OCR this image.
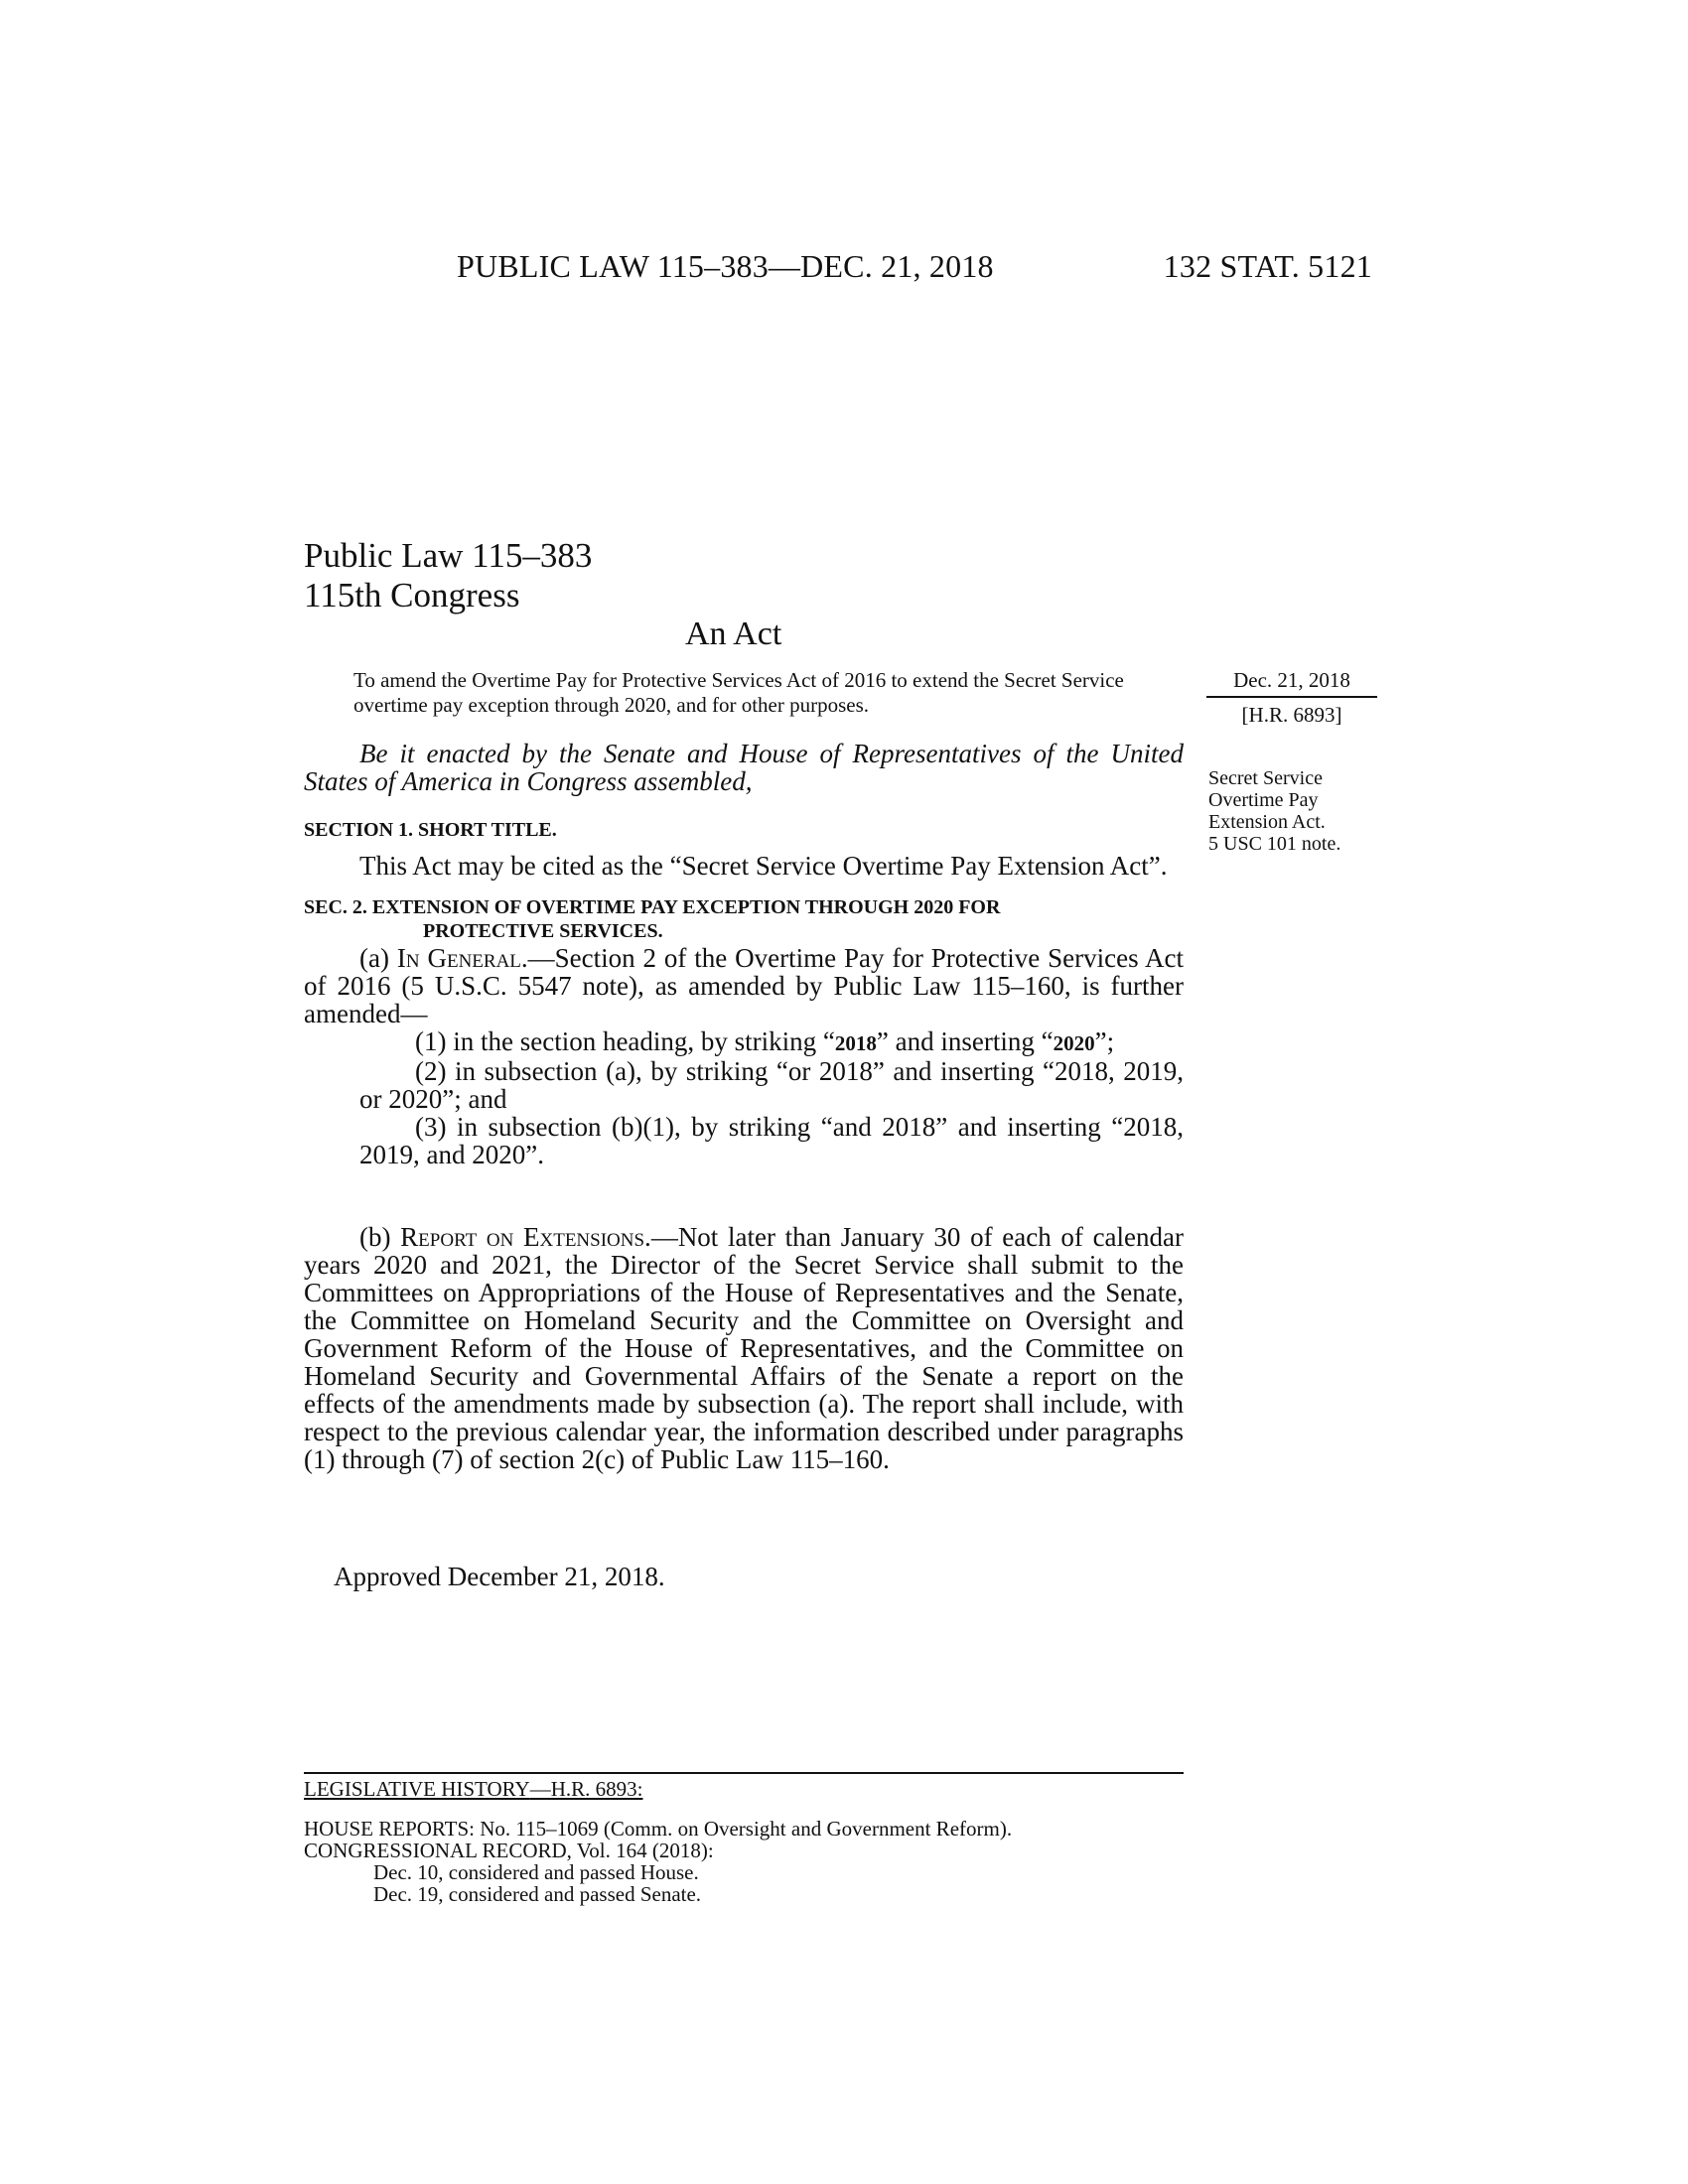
PUBLIC LAW 115–383—DEC. 21, 2018	132 STAT. 5121
Public Law 115–383
115th Congress
An Act
To amend the Overtime Pay for Protective Services Act of 2016 to extend the Secret Service overtime pay exception through 2020, and for other purposes.
Dec. 21, 2018
[H.R. 6893]
Secret Service
Overtime Pay
Extension Act.
5 USC 101 note.
Be it enacted by the Senate and House of Representatives of the United States of America in Congress assembled,
SECTION 1. SHORT TITLE.
This Act may be cited as the “Secret Service Overtime Pay Extension Act”.
SEC. 2. EXTENSION OF OVERTIME PAY EXCEPTION THROUGH 2020 FOR
PROTECTIVE SERVICES.
(a) In General.—Section 2 of the Overtime Pay for Protective Services Act of 2016 (5 U.S.C. 5547 note), as amended by Public Law 115–160, is further amended—
(1) in the section heading, by striking “2018” and inserting “2020”;
(2) in subsection (a), by striking “or 2018” and inserting “2018, 2019, or 2020”; and
(3) in subsection (b)(1), by striking “and 2018” and inserting “2018, 2019, and 2020”.
(b) Report on Extensions.—Not later than January 30 of each of calendar years 2020 and 2021, the Director of the Secret Service shall submit to the Committees on Appropriations of the House of Representatives and the Senate, the Committee on Homeland Security and the Committee on Oversight and Government Reform of the House of Representatives, and the Committee on Homeland Security and Governmental Affairs of the Senate a report on the effects of the amendments made by subsection (a). The report shall include, with respect to the previous calendar year, the information described under paragraphs (1) through (7) of section 2(c) of Public Law 115–160.
Approved December 21, 2018.
LEGISLATIVE HISTORY—H.R. 6893:
HOUSE REPORTS: No. 115–1069 (Comm. on Oversight and Government Reform).
CONGRESSIONAL RECORD, Vol. 164 (2018):
Dec. 10, considered and passed House.
Dec. 19, considered and passed Senate.
